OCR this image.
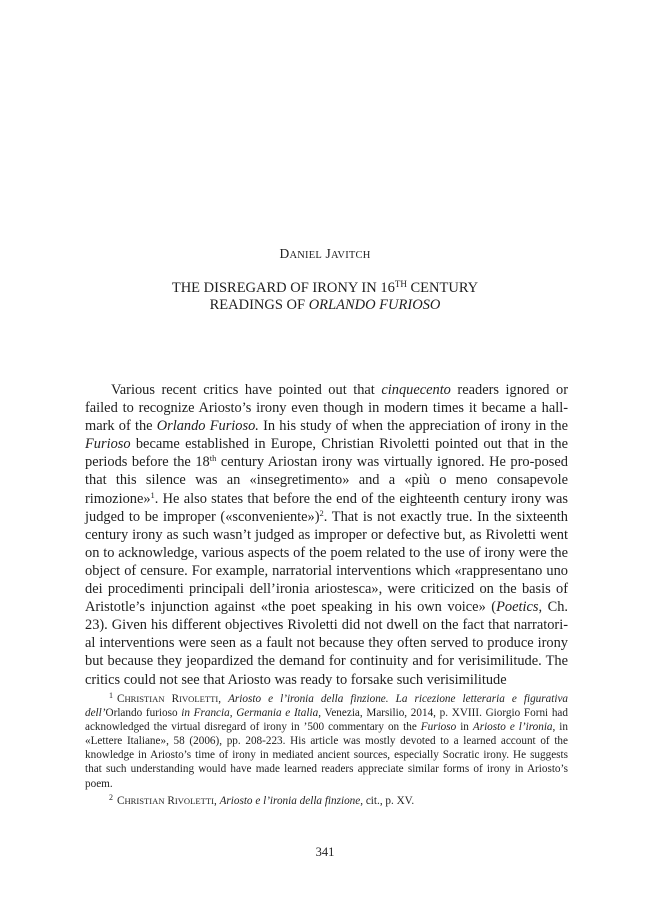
DANIEL JAVITCH
THE DISREGARD OF IRONY IN 16TH CENTURY
READINGS OF ORLANDO FURIOSO

Various recent critics have pointed out that cinquecento readers ignored or failed to recognize Ariosto’s irony even though in modern times it became a hall-mark of the Orlando Furioso. In his study of when the appreciation of irony in the Furioso became established in Europe, Christian Rivoletti pointed out that in the periods before the 18th century Ariostan irony was virtually ignored. He pro-posed that this silence was an «insegretimento» and a «più o meno consapevole rimozione»$^1$. He also states that before the end of the eighteenth century irony was judged to be improper («sconveniente»)$^2$. That is not exactly true. In the sixteenth century irony as such wasn’t judged as improper or defective but, as Rivoletti went on to acknowledge, various aspects of the poem related to the use of irony were the object of censure. For example, narratorial interventions which «rappresentano uno dei procedimenti principali dell’ironia ariostesca», were criticized on the basis of Aristotle’s injunction against «the poet speaking in his own voice» (Poetics, Ch. 23). Given his different objectives Rivoletti did not dwell on the fact that narratori-al interventions were seen as a fault not because they often served to produce irony but because they jeopardized the demand for continuity and for verisimilitude. The critics could not see that Ariosto was ready to forsake such verisimilitude

$^1$ CHRISTIAN RIVOLETTI, Ariosto e l’ironia della finzione. La ricezione letteraria e figurativa dell’Orlando furioso in Francia, Germania e Italia, Venezia, Marsilio, 2014, p. XVIII. Giorgio Forni had acknowledged the virtual disregard of irony in ’500 commentary on the Furioso in Ariosto e l’ironia, in «Lettere Italiane», 58 (2006), pp. 208-223. His article was mostly devoted to a learned account of the knowledge in Ariosto’s time of irony in mediated ancient sources, especially Socratic irony. He suggests that such understanding would have made learned readers appreciate similar forms of irony in Ariosto’s poem.

$^2$ CHRISTIAN RIVOLETTI, Ariosto e l’ironia della finzione, cit., p. XV.

341
